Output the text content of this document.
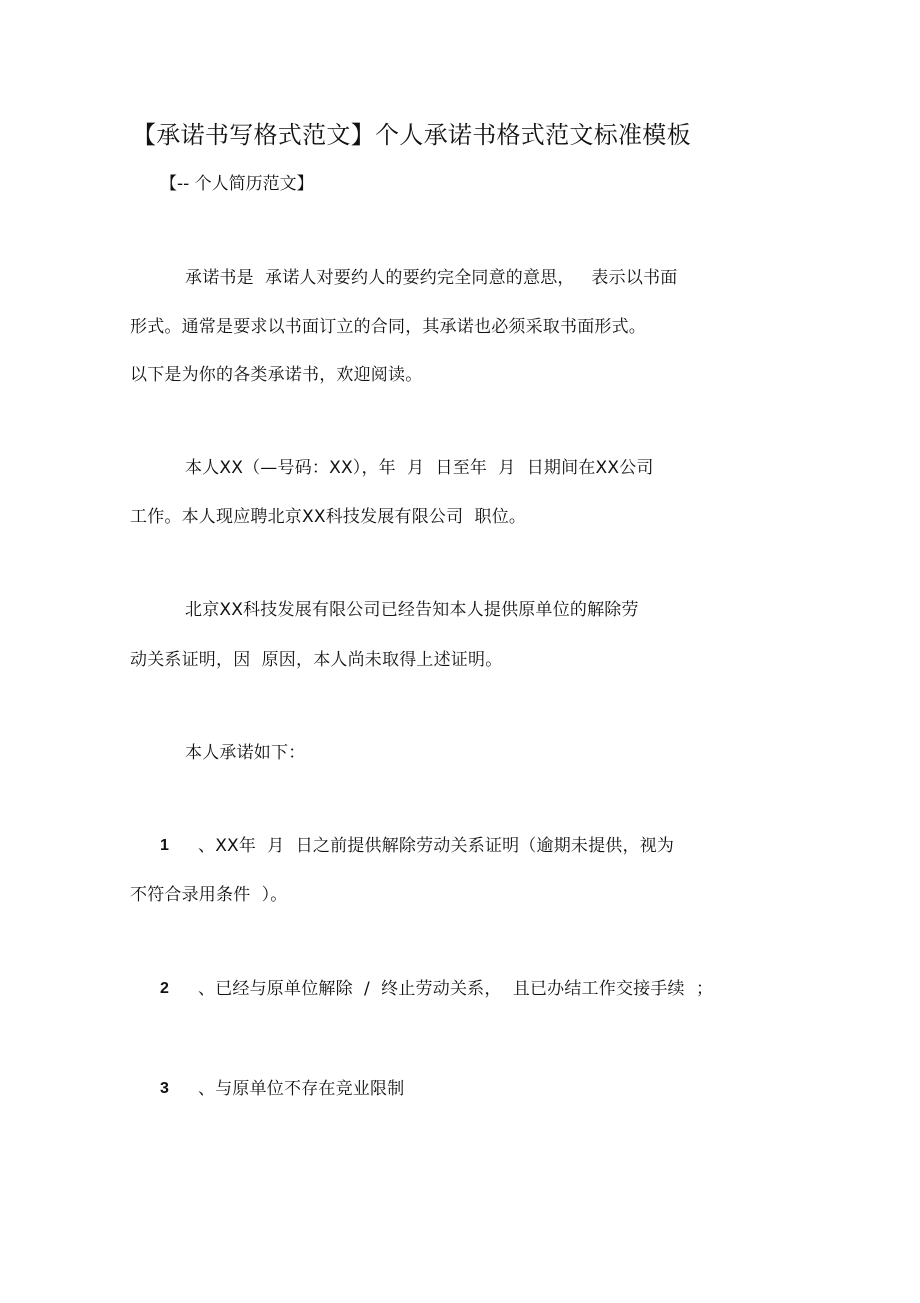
【承诺书写格式范文】个人承诺书格式范文标准模板
【-- 个人简历范文】
承诺书是  承诺人对要约人的要约完全同意的意思，   表示以书面
形式。通常是要求以书面订立的合同，其承诺也必须采取书面形式。
以下是为你的各类承诺书，欢迎阅读。
本人XX（—号码：XX），年  月  日至年  月  日期间在XX公司
工作。本人现应聘北京XX科技发展有限公司  职位。
北京XX科技发展有限公司已经告知本人提供原单位的解除劳
动关系证明，因  原因，本人尚未取得上述证明。
本人承诺如下：
1 、XX年  月  日之前提供解除劳动关系证明（逾期未提供，视为
不符合录用条件  ）。
2 、已经与原单位解除  /  终止劳动关系，  且已办结工作交接手续  ；
3 、与原单位不存在竞业限制
